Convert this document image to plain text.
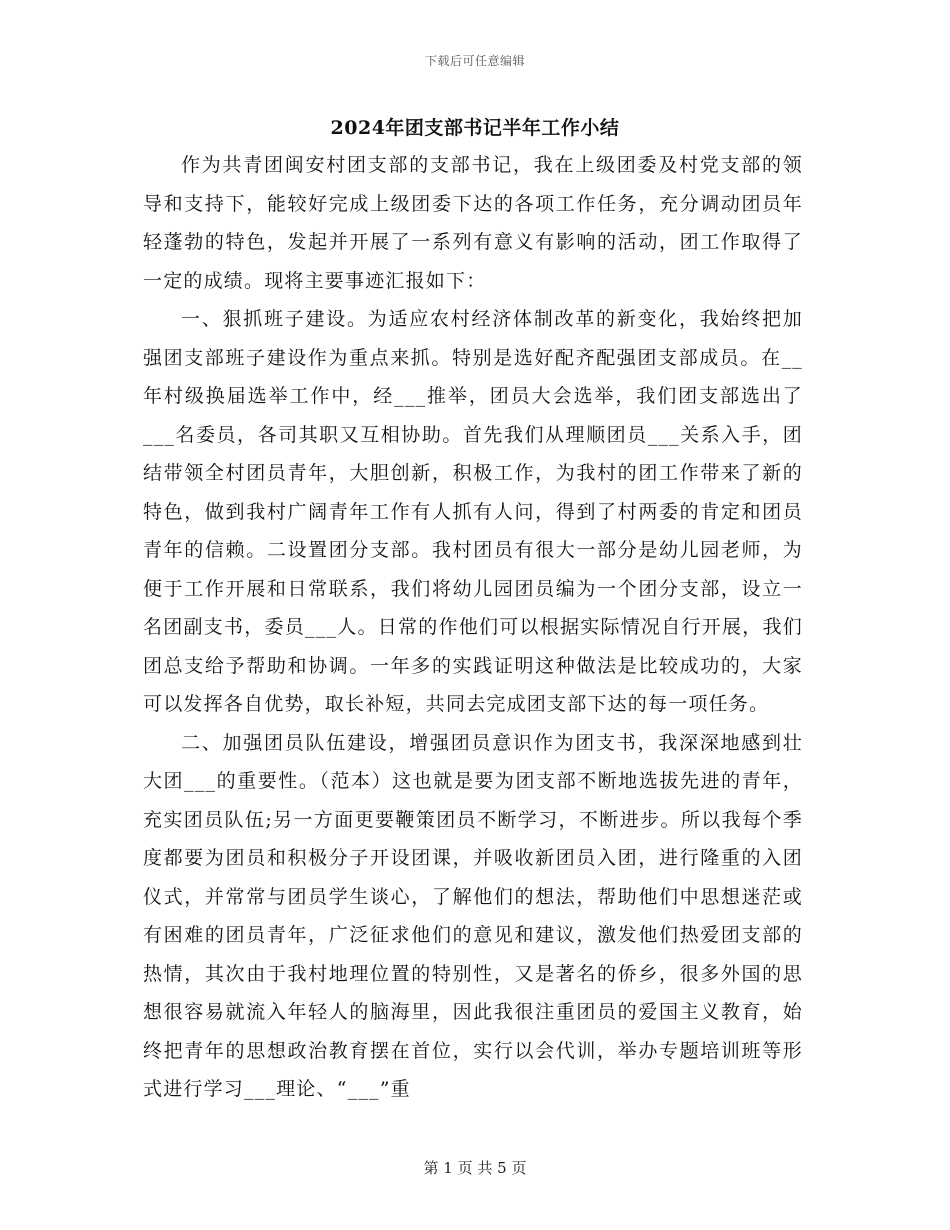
下载后可任意编辑
2024年团支部书记半年工作小结

作为共青团闽安村团支部的支部书记，我在上级团委及村党支部的领导和支持下，能较好完成上级团委下达的各项工作任务，充分调动团员年轻蓬勃的特色，发起并开展了一系列有意义有影响的活动，团工作取得了一定的成绩。现将主要事迹汇报如下：

一、狠抓班子建设。为适应农村经济体制改革的新变化，我始终把加强团支部班子建设作为重点来抓。特别是选好配齐配强团支部成员。在__年村级换届选举工作中，经___推举，团员大会选举，我们团支部选出了___名委员，各司其职又互相协助。首先我们从理顺团员___关系入手，团结带领全村团员青年，大胆创新，积极工作，为我村的团工作带来了新的特色，做到我村广阔青年工作有人抓有人问，得到了村两委的肯定和团员青年的信赖。二设置团分支部。我村团员有很大一部分是幼儿园老师，为便于工作开展和日常联系，我们将幼儿园团员编为一个团分支部，设立一名团副支书，委员___人。日常的作他们可以根据实际情况自行开展，我们团总支给予帮助和协调。一年多的实践证明这种做法是比较成功的，大家可以发挥各自优势，取长补短，共同去完成团支部下达的每一项任务。

二、加强团员队伍建设，增强团员意识作为团支书，我深深地感到壮大团___的重要性。（范本）这也就是要为团支部不断地选拔先进的青年，充实团员队伍;另一方面更要鞭策团员不断学习，不断进步。所以我每个季度都要为团员和积极分子开设团课，并吸收新团员入团，进行隆重的入团仪式，并常常与团员学生谈心，了解他们的想法，帮助他们中思想迷茫或有困难的团员青年，广泛征求他们的意见和建议，激发他们热爱团支部的热情，其次由于我村地理位置的特别性，又是著名的侨乡，很多外国的思想很容易就流入年轻人的脑海里，因此我很注重团员的爱国主义教育，始终把青年的思想政治教育摆在首位，实行以会代训，举办专题培训班等形式进行学习___理论、“___”重

第 1 页 共 5 页
